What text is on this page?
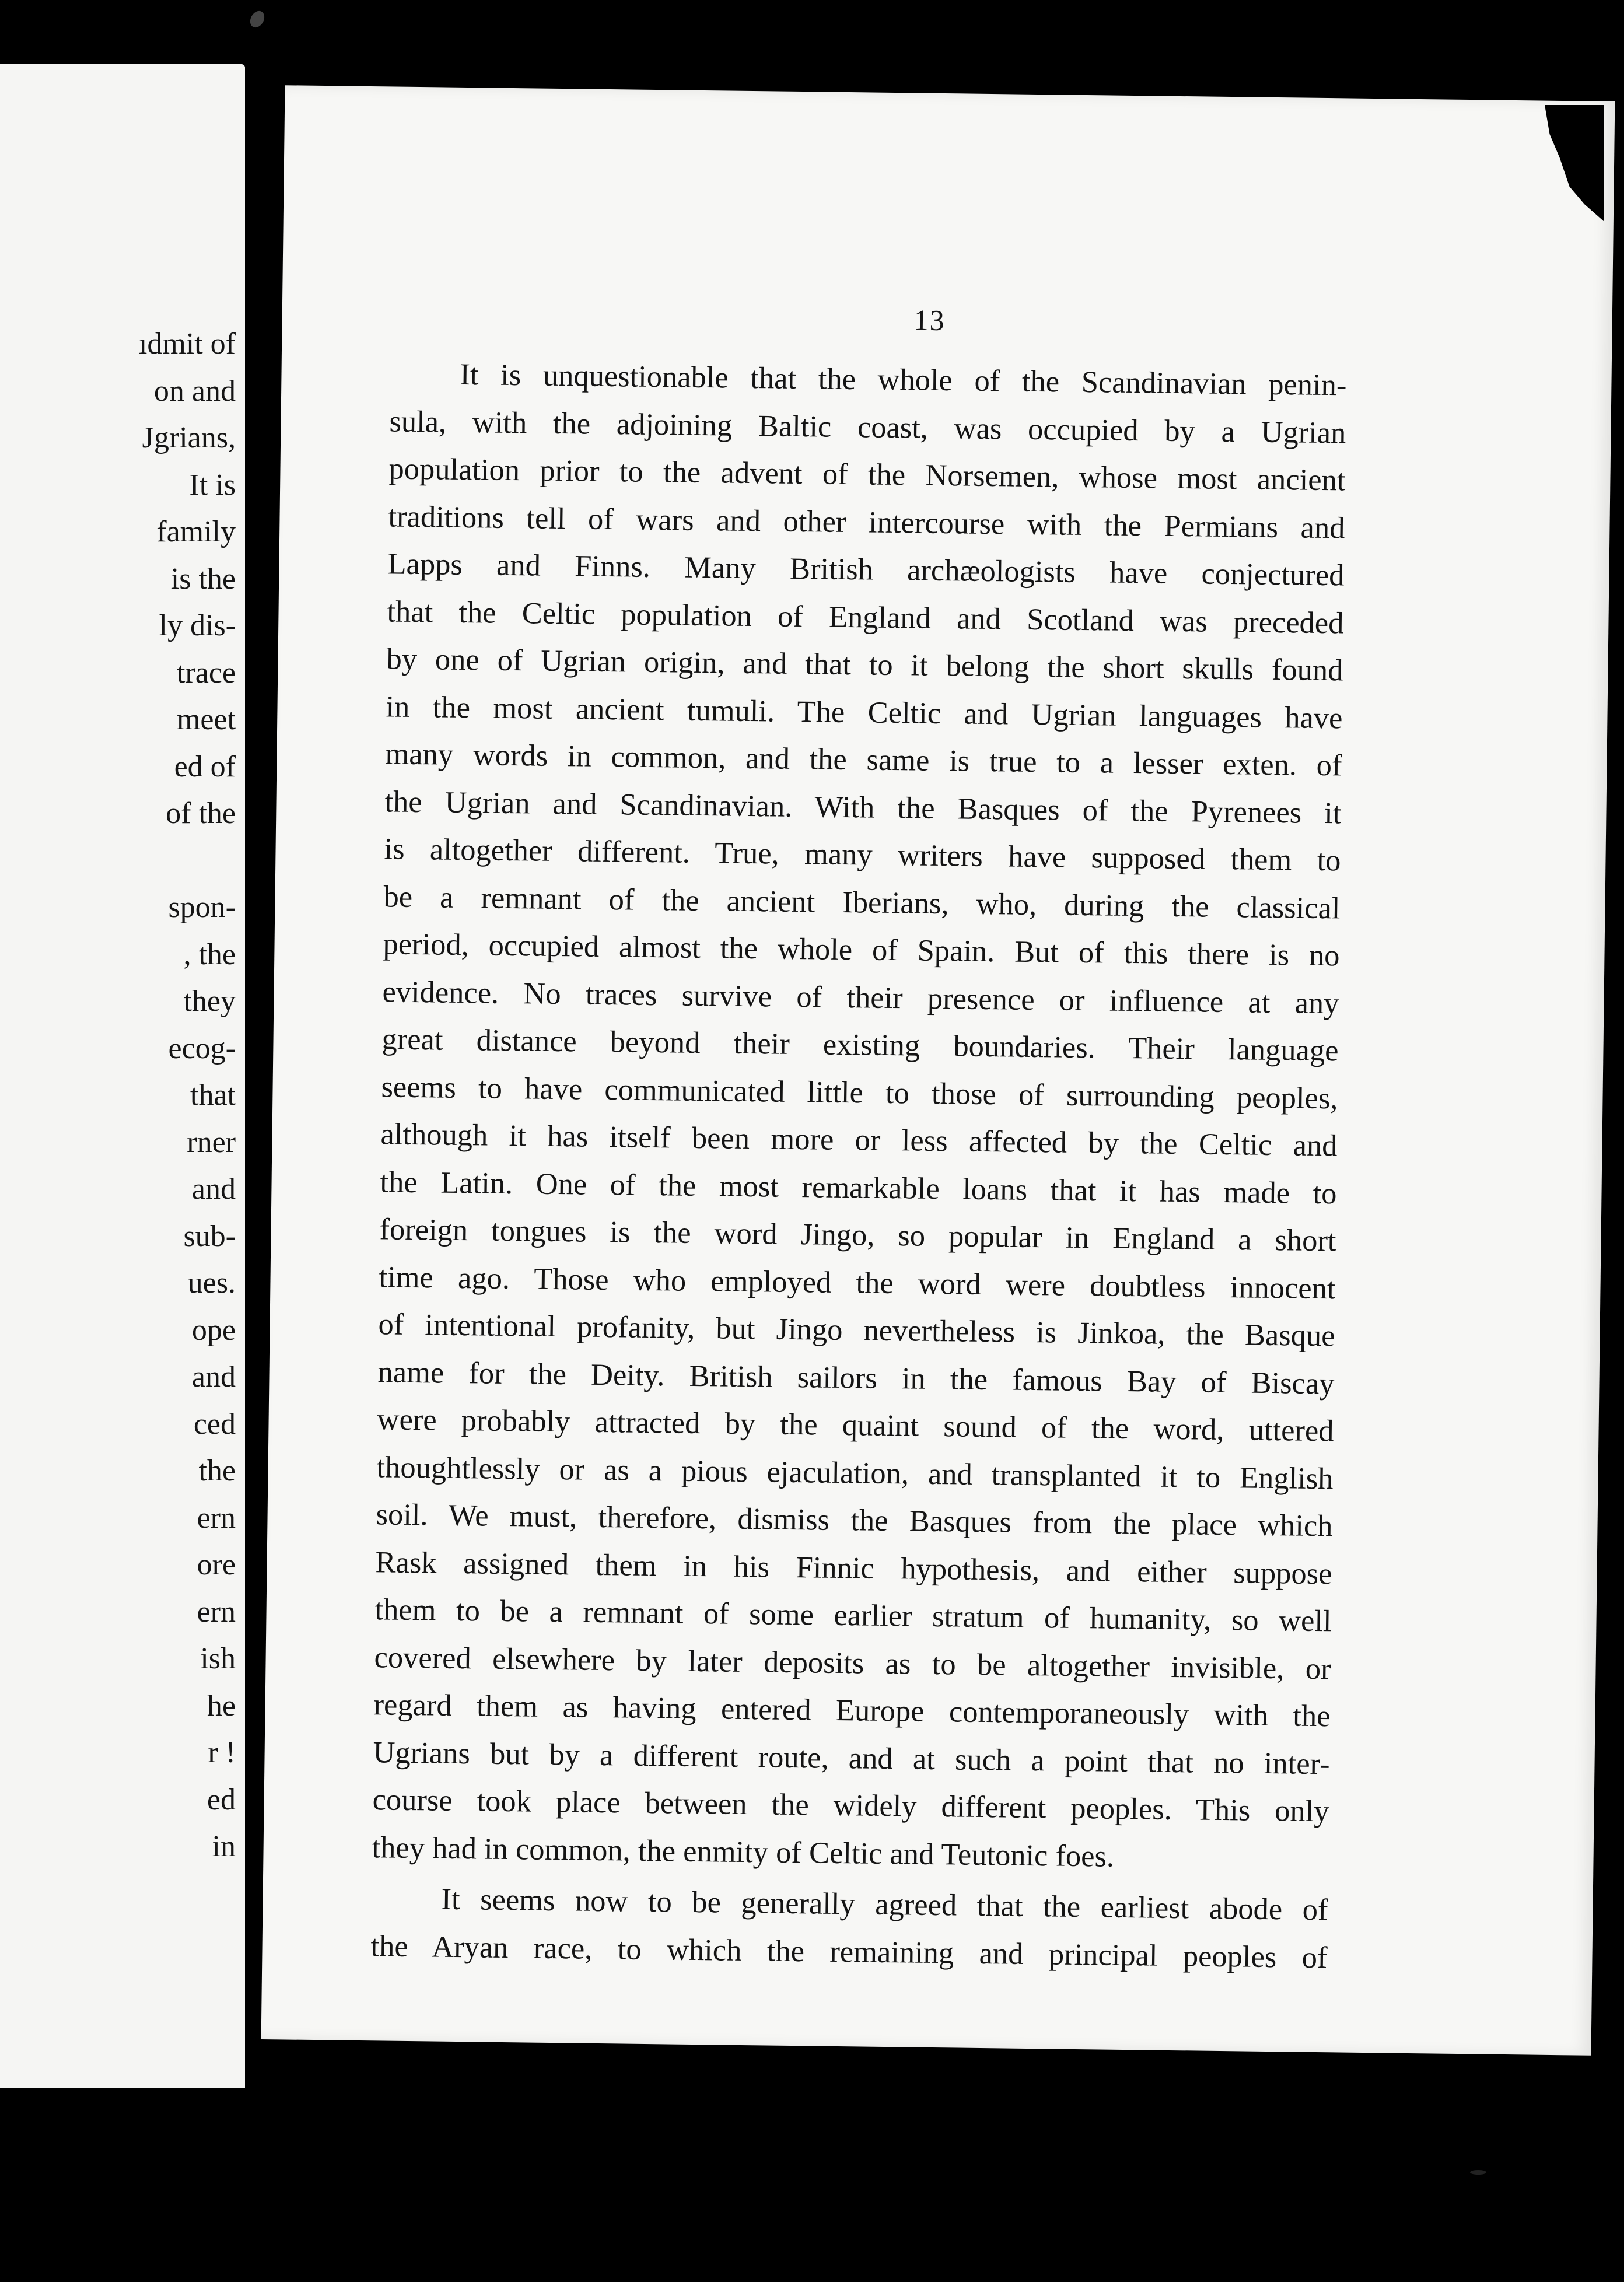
ıdmit of
on and
Jgrians,
It is
family
is the
ly dis-
trace
meet
ed of
of the

spon-
, the
they
ecog-
that
rner
and
sub-
ues.
ope
and
ced
the
ern
ore
ern
ish
he
r !
ed
in
13
It is unquestionable that the whole of the Scandinavian penin-
sula, with the adjoining Baltic coast, was occupied by a Ugrian
population prior to the advent of the Norsemen, whose most ancient
traditions tell of wars and other intercourse with the Permians and
Lapps and Finns. Many British archæologists have conjectured
that the Celtic population of England and Scotland was preceded
by one of Ugrian origin, and that to it belong the short skulls found
in the most ancient tumuli. The Celtic and Ugrian languages have
many words in common, and the same is true to a lesser exten. of
the Ugrian and Scandinavian. With the Basques of the Pyrenees it
is altogether different. True, many writers have supposed them to
be a remnant of the ancient Iberians, who, during the classical
period, occupied almost the whole of Spain. But of this there is no
evidence. No traces survive of their presence or influence at any
great distance beyond their existing boundaries. Their language
seems to have communicated little to those of surrounding peoples,
although it has itself been more or less affected by the Celtic and
the Latin. One of the most remarkable loans that it has made to
foreign tongues is the word Jingo, so popular in England a short
time ago. Those who employed the word were doubtless innocent
of intentional profanity, but Jingo nevertheless is Jinkoa, the Basque
name for the Deity. British sailors in the famous Bay of Biscay
were probably attracted by the quaint sound of the word, uttered
thoughtlessly or as a pious ejaculation, and transplanted it to English
soil. We must, therefore, dismiss the Basques from the place which
Rask assigned them in his Finnic hypothesis, and either suppose
them to be a remnant of some earlier stratum of humanity, so well
covered elsewhere by later deposits as to be altogether invisible, or
regard them as having entered Europe contemporaneously with the
Ugrians but by a different route, and at such a point that no inter-
course took place between the widely different peoples. This only
they had in common, the enmity of Celtic and Teutonic foes.
It seems now to be generally agreed that the earliest abode of
the Aryan race, to which the remaining and principal peoples of
